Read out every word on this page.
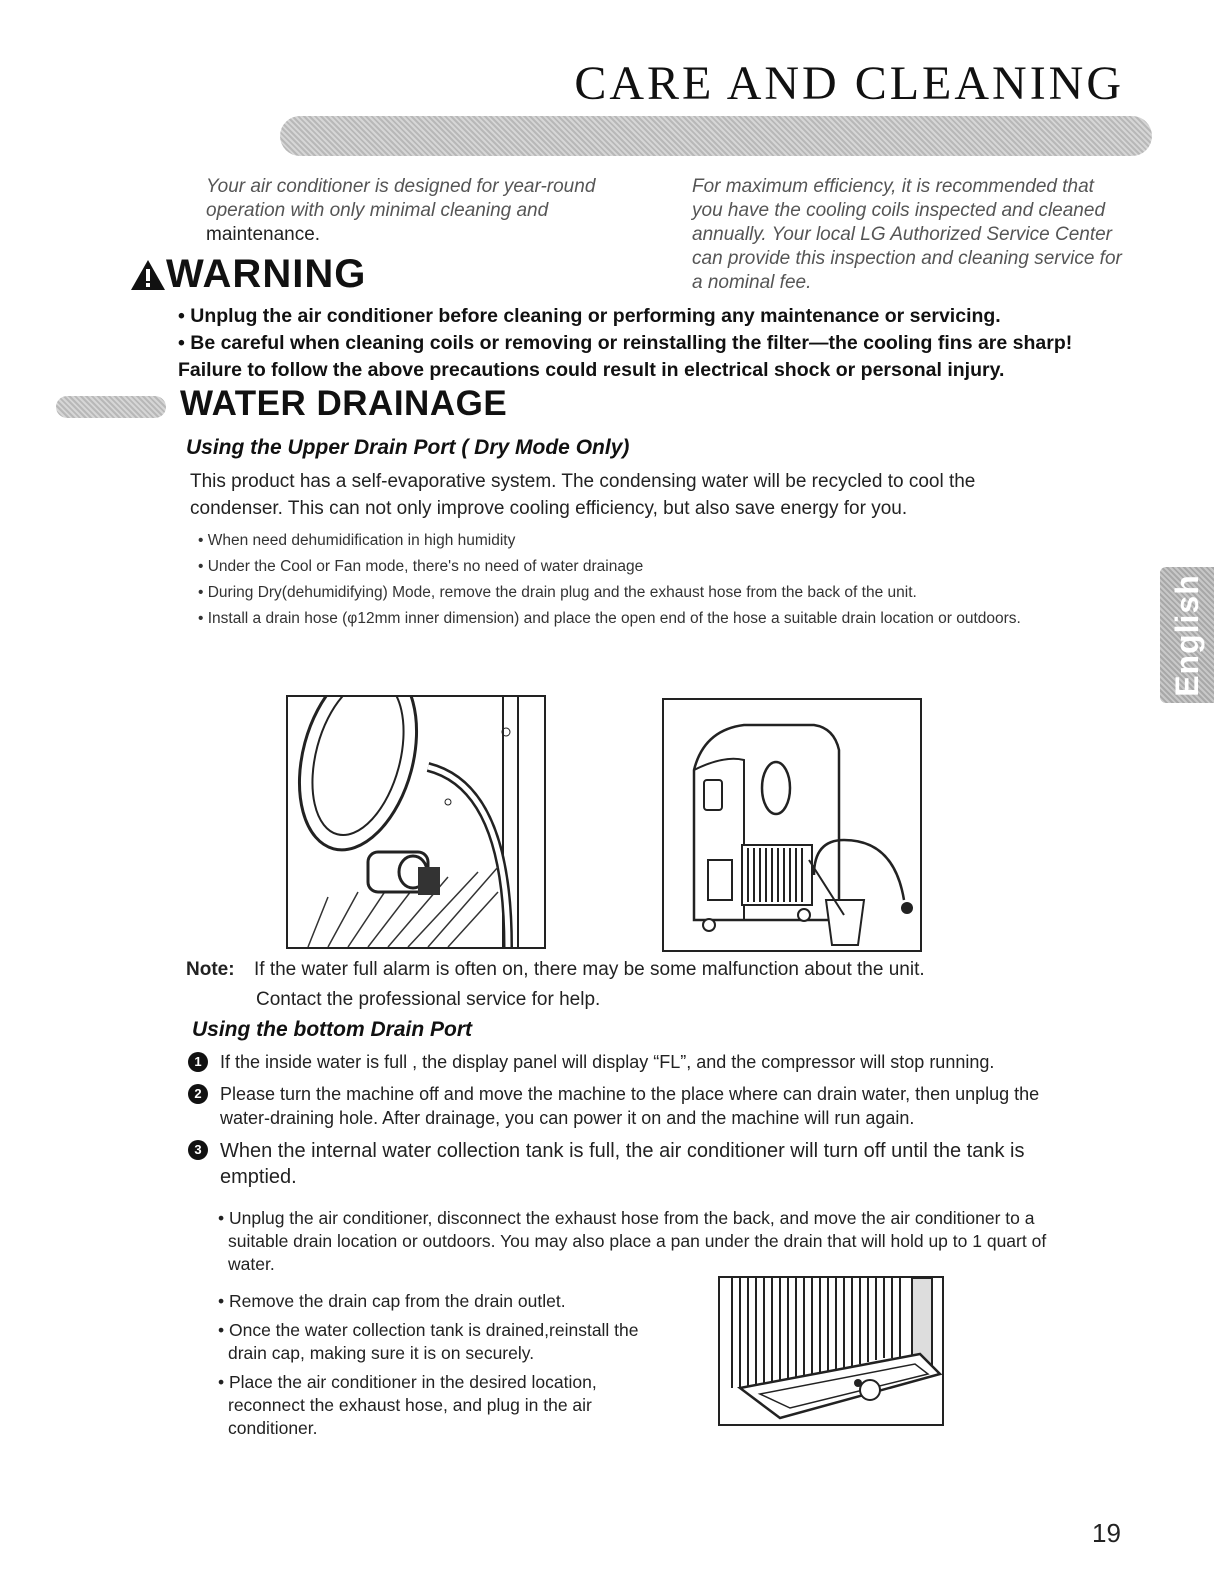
CARE AND CLEANING
Your air conditioner is designed for year-round operation with only minimal cleaning and maintenance.
For maximum efficiency, it is recommended that you have the cooling coils inspected and cleaned annually. Your local LG Authorized Service Center can provide this inspection and cleaning service for a nominal fee.
WARNING
• Unplug the air conditioner before cleaning or performing any maintenance or servicing.
• Be careful when cleaning coils or removing or reinstalling the filter—the cooling fins are sharp!
Failure to follow the above precautions could result in electrical shock or personal injury.
WATER DRAINAGE
Using the Upper Drain Port ( Dry Mode Only)
This product has a self-evaporative system. The condensing water will be recycled to cool the
condenser. This can not only improve cooling efficiency, but also save energy for you.
• When need dehumidification in high humidity
• Under the Cool or Fan mode, there's no need of water drainage
• During Dry(dehumidifying) Mode, remove the drain plug and the exhaust hose from the back of the unit.
• Install a drain hose (φ12mm inner dimension) and place the open end of the hose a suitable drain location or outdoors.
Note: If the water full alarm is often on, there may be some malfunction about the unit.
Contact the professional service for help.
Using the bottom Drain Port
1	If the inside water is full , the display panel will display “FL”, and the compressor will stop running.
2	Please turn the machine off and move the machine to the place where can drain water, then unplug the water-draining hole. After drainage, you can power it on and the machine will run again.
3 When the internal water collection tank is full, the air conditioner will turn off until the tank is emptied.
• Unplug the air conditioner, disconnect the exhaust hose from the back, and move the air conditioner to a suitable drain location or outdoors. You may also place a pan under the drain that will hold up to 1 quart of water.
• Remove the drain cap from the drain outlet.
• Once the water collection tank is drained,reinstall the drain cap, making sure it is on securely.
• Place the air conditioner in the desired location, reconnect the exhaust hose, and plug in the air conditioner.
English
19
